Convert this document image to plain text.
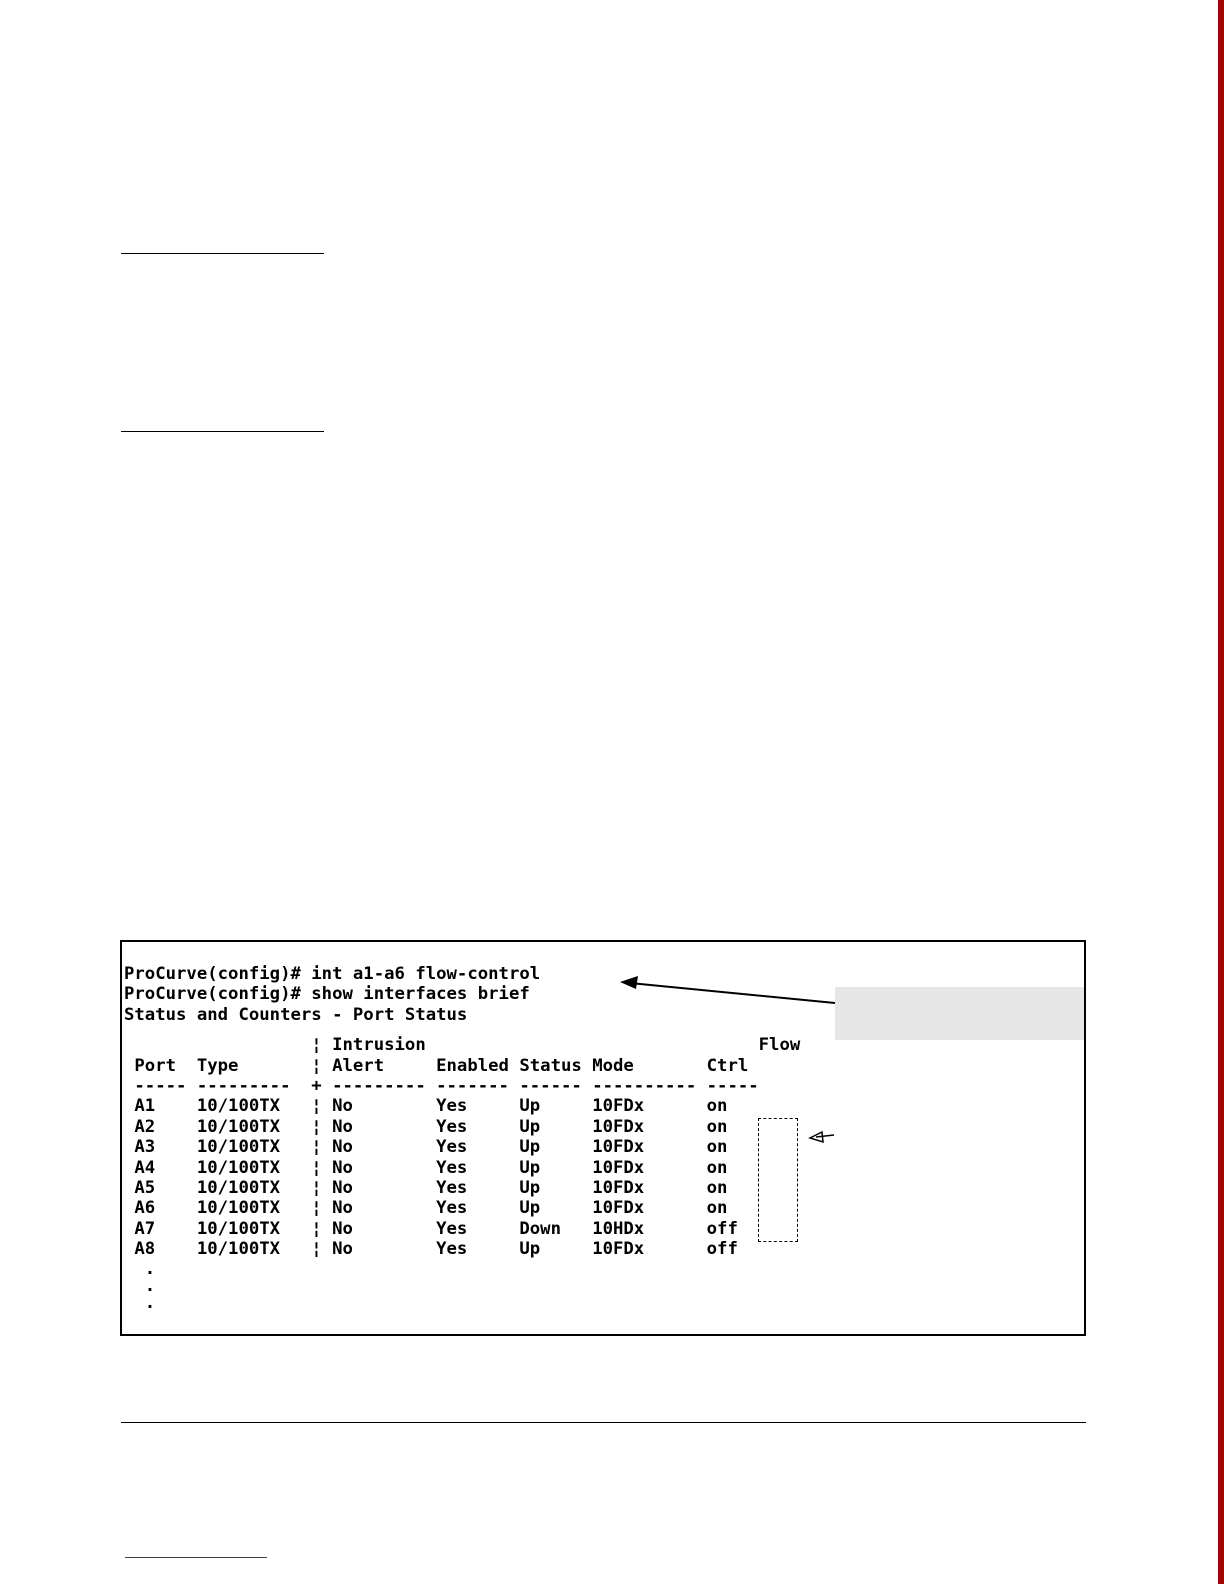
ProCurve(config)# int a1-a6 flow-control
ProCurve(config)# show interfaces brief
Status and Counters - Port Status
¦ Intrusion                                Flow
Port  Type       ¦ Alert     Enabled Status Mode       Ctrl
----- ---------  + --------- ------- ------ ---------- -----
A1    10/100TX   ¦ No        Yes     Up     10FDx      on
A2    10/100TX   ¦ No        Yes     Up     10FDx      on
A3    10/100TX   ¦ No        Yes     Up     10FDx      on
A4    10/100TX   ¦ No        Yes     Up     10FDx      on
A5    10/100TX   ¦ No        Yes     Up     10FDx      on
A6    10/100TX   ¦ No        Yes     Up     10FDx      on
A7    10/100TX   ¦ No        Yes     Down   10HDx      off
A8    10/100TX   ¦ No        Yes     Up     10FDx      off
.
.
.
